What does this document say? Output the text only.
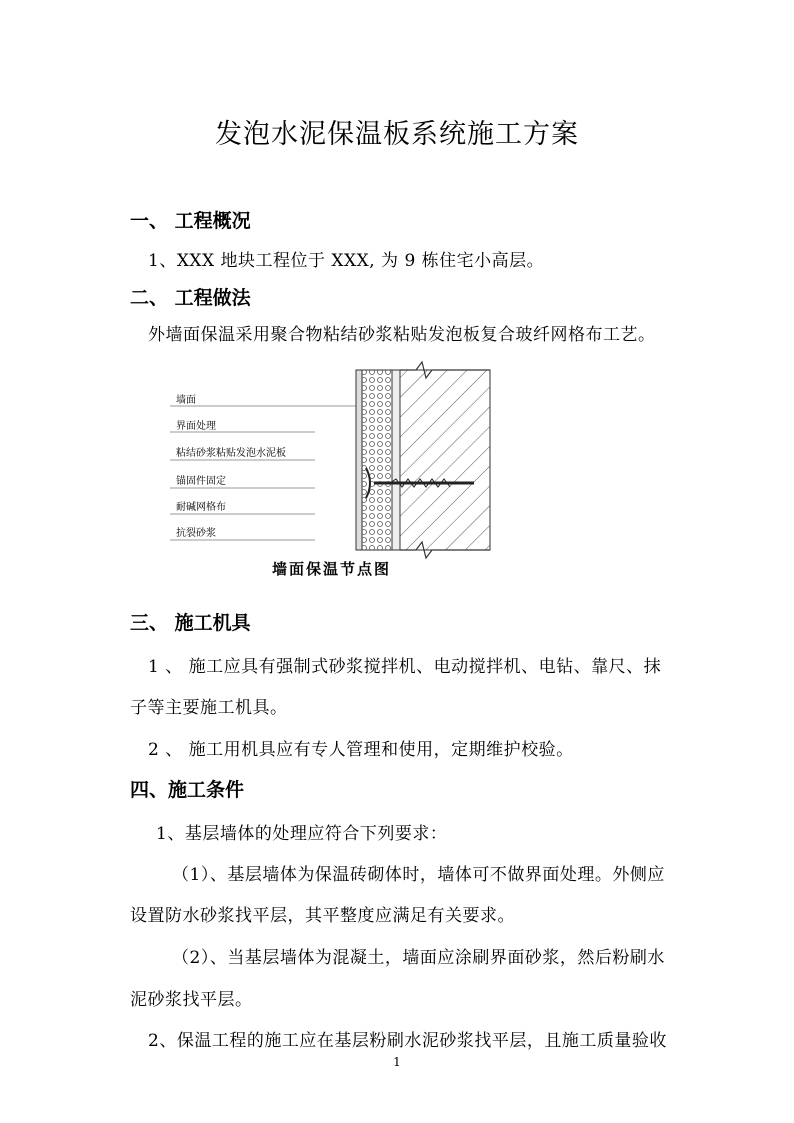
发泡水泥保温板系统施工方案
一、 工程概况
1、XXX 地块工程位于 XXX, 为 9 栋住宅小高层。
二、 工程做法
外墙面保温采用聚合物粘结砂浆粘贴发泡板复合玻纤网格布工艺。
墙面
界面处理
粘结砂浆粘贴发泡水泥板
锚固件固定
耐碱网格布
抗裂砂浆
墙面保温节点图
三、 施工机具
1 、 施工应具有强制式砂浆搅拌机、电动搅拌机、电钻、靠尺、抹
子等主要施工机具。
2 、 施工用机具应有专人管理和使用，定期维护校验。
四、施工条件
1、基层墙体的处理应符合下列要求：
（1）、基层墙体为保温砖砌体时，墙体可不做界面处理。外侧应
设置防水砂浆找平层，其平整度应满足有关要求。
（2）、当基层墙体为混凝土，墙面应涂刷界面砂浆，然后粉刷水
泥砂浆找平层。
2、保温工程的施工应在基层粉刷水泥砂浆找平层，且施工质量验收
1
